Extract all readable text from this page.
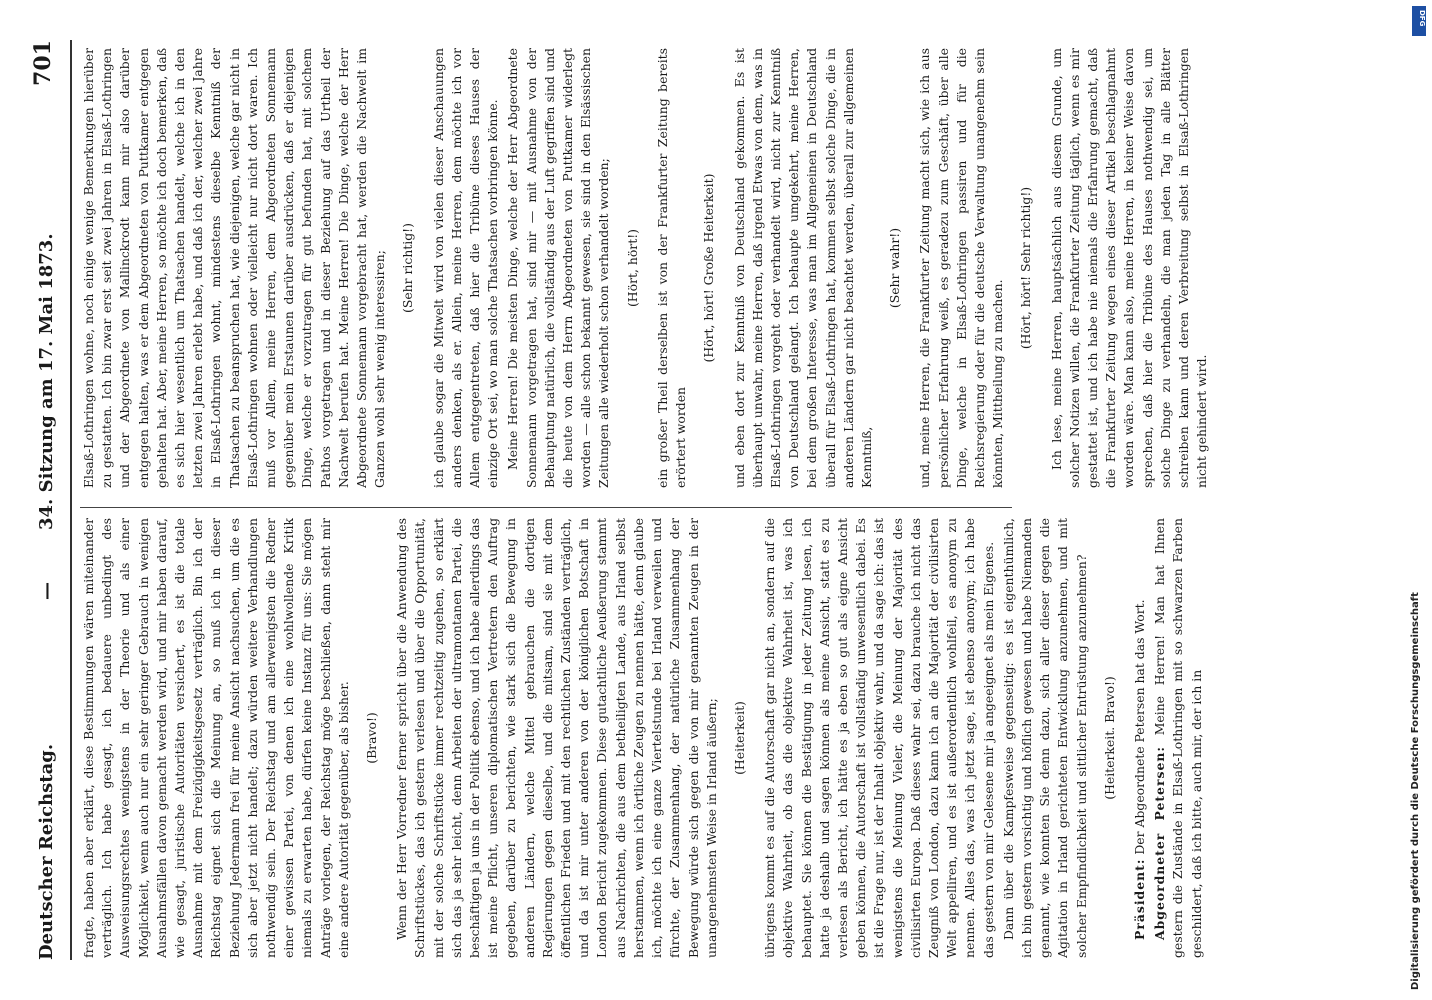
Deutscher Reichstag.
—
34. Sitzung am 17. Mai 1873.
701

fragte, haben aber erklärt, diese Bestimmungen wären miteinander verträglich. Ich habe gesagt, ich bedauere unbedingt des Ausweisungsrechtes wenigstens in der Theorie und als einer Möglichkeit, wenn auch nur ein sehr geringer Gebrauch in wenigen Ausnahmsfällen davon gemacht werden wird, und mir haben darauf, wie gesagt, juristische Autoritäten versichert, es ist die totale Ausnahme mit dem Freizügigkeitsgesetz verträglich. Bin ich der Reichstag eignet sich die Meinung an, so muß ich in dieser Beziehung Jedermann frei für meine Ansicht nachsuchen, um die es sich aber jetzt nicht handelt; dazu würden weitere Verhandlungen nothwendig sein. Der Reichstag und am allerwenigsten die Redner einer gewissen Partei, von denen ich eine wohlwollende Kritik niemals zu erwarten habe, dürfen keine Instanz für uns: Sie mögen Anträge vorlegen, der Reichstag möge beschließen, dann steht mir eine andere Autorität gegenüber, als bisher. (Bravo!) Wenn der Herr Vorredner ferner spricht über die Anwendung des Schriftstückes, das ich gestern verlesen und über die Opportunität, mit der solche Schriftstücke immer rechtzeitig zugehen, so erklärt sich das ja sehr leicht, denn Arbeiten der ultramontanen Partei, die beschäftigen ja uns in der Politik ebenso, und ich habe allerdings das ist meine Pflicht, unseren diplomatischen Vertretern den Auftrag gegeben, darüber zu berichten, wie stark sich die Bewegung in anderen Ländern, welche Mittel gebrauchen die dortigen Regierungen gegen dieselbe, und die mitsam, sind sie mit dem öffentlichen Frieden und mit den rechtlichen Zuständen verträglich, und da ist mir unter anderen von der königlichen Botschaft in London Bericht zugekommen. Diese gutachtliche Aeußerung stammt aus Nachrichten, die aus dem betheiligten Lande, aus Irland selbst herstammen, wenn ich örtliche Zeugen zu nennen hätte, denn glaube ich, möchte ich eine ganze Viertelstunde bei Irland verweilen und fürchte, der Zusammenhang, der natürliche Zusammenhang der Bewegung würde sich gegen die von mir genannten Zeugen in der unangenehmsten Weise in Irland äußern; (Heiterkeit) übrigens kommt es auf die Autorschaft gar nicht an, sondern auf die objektive Wahrheit, ob das die objektive Wahrheit ist, was ich behauptet. Sie können die Bestätigung in jeder Zeitung lesen, ich hatte ja deshalb und sagen können als meine Ansicht, statt es zu verlesen als Bericht, ich hätte es ja eben so gut als eigne Ansicht geben können, die Autorschaft ist vollständig unwesentlich dabei. Es ist die Frage nur, ist der Inhalt objektiv wahr, und da sage ich: das ist wenigstens die Meinung Vieler, die Meinung der Majorität des civilisirten Europa. Daß dieses wahr sei, dazu brauche ich nicht das Zeugniß von London, dazu kann ich an die Majorität der civilisirten Welt appelliren, und es ist außerordentlich wohlfeil, es anonym zu nennen. Alles das, was ich jetzt sage, ist ebenso anonym; ich habe das gestern von mir Gelesene mir ja angeeignet als mein Eigenes. Dann über die Kampfesweise gegenseitig: es ist eigenthümlich, ich bin gestern vorsichtig und höflich gewesen und habe Niemanden genannt, wie konnten Sie denn dazu, sich aller dieser gegen die Agitation in Irland gerichteten Entwicklung anzunehmen, und mit solcher Empfindlichkeit und sittlicher Entrüstung anzunehmen? (Heiterkeit. Bravo!)

Präsident: Der Abgeordnete Petersen hat das Wort. Abgeordneter Petersen: Meine Herren! Man hat Ihnen gestern die Zustände in Elsaß-Lothringen mit so schwarzen Farben geschildert, daß ich bitte, auch mir, der ich in

Elsaß-Lothringen wohne, noch einige wenige Bemerkungen hierüber zu gestatten. Ich bin zwar erst seit zwei Jahren in Elsaß-Lothringen und der Abgeordnete von Mallinckrodt kann mir also darüber entgegen halten, was er dem Abgeordneten von Puttkamer entgegen gehalten hat. Aber, meine Herren, so möchte ich doch bemerken, daß es sich hier wesentlich um Thatsachen handelt, welche ich in den letzten zwei Jahren erlebt habe, und daß ich der, welcher zwei Jahre in Elsaß-Lothringen wohnt, mindestens dieselbe Kenntniß der Thatsachen zu beanspruchen hat, wie diejenigen, welche gar nicht in Elsaß-Lothringen wohnen oder vielleicht nur nicht dort waren. Ich muß vor Allem, meine Herren, dem Abgeordneten Sonnemann gegenüber mein Erstaunen darüber ausdrücken, daß er diejenigen Dinge, welche er vorzutragen für gut befunden hat, mit solchem Pathos vorgetragen und in dieser Beziehung auf das Urtheil der Nachwelt berufen hat. Meine Herren! Die Dinge, welche der Herr Abgeordnete Sonnemann vorgebracht hat, werden die Nachwelt im Ganzen wohl sehr wenig interessiren; (Sehr richtig!) ich glaube sogar die Mitwelt wird von vielen dieser Anschauungen anders denken, als er. Allein, meine Herren, dem möchte ich vor Allem entgegentreten, daß hier die Tribüne dieses Hauses der einzige Ort sei, wo man solche Thatsachen vorbringen könne. Meine Herren! Die meisten Dinge, welche der Herr Abgeordnete Sonnemann vorgetragen hat, sind mir — mit Ausnahme von der Behauptung natürlich, die vollständig aus der Luft gegriffen sind und die heute von dem Herrn Abgeordneten von Puttkamer widerlegt worden — alle schon bekannt gewesen, sie sind in den Elsässischen Zeitungen alle wiederholt schon verhandelt worden; (Hört, hört!) ein großer Theil derselben ist von der Frankfurter Zeitung bereits erörtert worden

(Hört, hört! Große Heiterkeit) und eben dort zur Kenntniß von Deutschland gekommen. Es ist überhaupt unwahr, meine Herren, daß irgend Etwas von dem, was in Elsaß-Lothringen vorgeht oder verhandelt wird, nicht zur Kenntniß von Deutschland gelangt. Ich behaupte umgekehrt, meine Herren, bei dem großen Interesse, was man im Allgemeinen in Deutschland überall für Elsaß-Lothringen hat, kommen selbst solche Dinge, die in anderen Ländern gar nicht beachtet werden, überall zur allgemeinen Kenntniß,

(Sehr wahr!) und, meine Herren, die Frankfurter Zeitung macht sich, wie ich aus persönlicher Erfahrung weiß, es geradezu zum Geschäft, über alle Dinge, welche in Elsaß-Lothringen passiren und für die Reichsregierung oder für die deutsche Verwaltung unangenehm sein könnten, Mittheilung zu machen.

(Hört, hört! Sehr richtig!) Ich lese, meine Herren, hauptsächlich aus diesem Grunde, um solcher Notizen willen, die Frankfurter Zeitung täglich, wenn es mir gestattet ist, und ich habe nie niemals die Erfahrung gemacht, daß die Frankfurter Zeitung wegen eines dieser Artikel beschlagnahmt worden wäre. Man kann also, meine Herren, in keiner Weise davon sprechen, daß hier die Tribüne des Hauses nothwendig sei, um solche Dinge zu verhandeln, die man jeden Tag in alle Blätter schreiben kann und deren Verbreitung selbst in Elsaß-Lothringen nicht gehindert wird.

DFG
Digitalisierung gefördert durch die Deutsche Forschungsgemeinschaft
